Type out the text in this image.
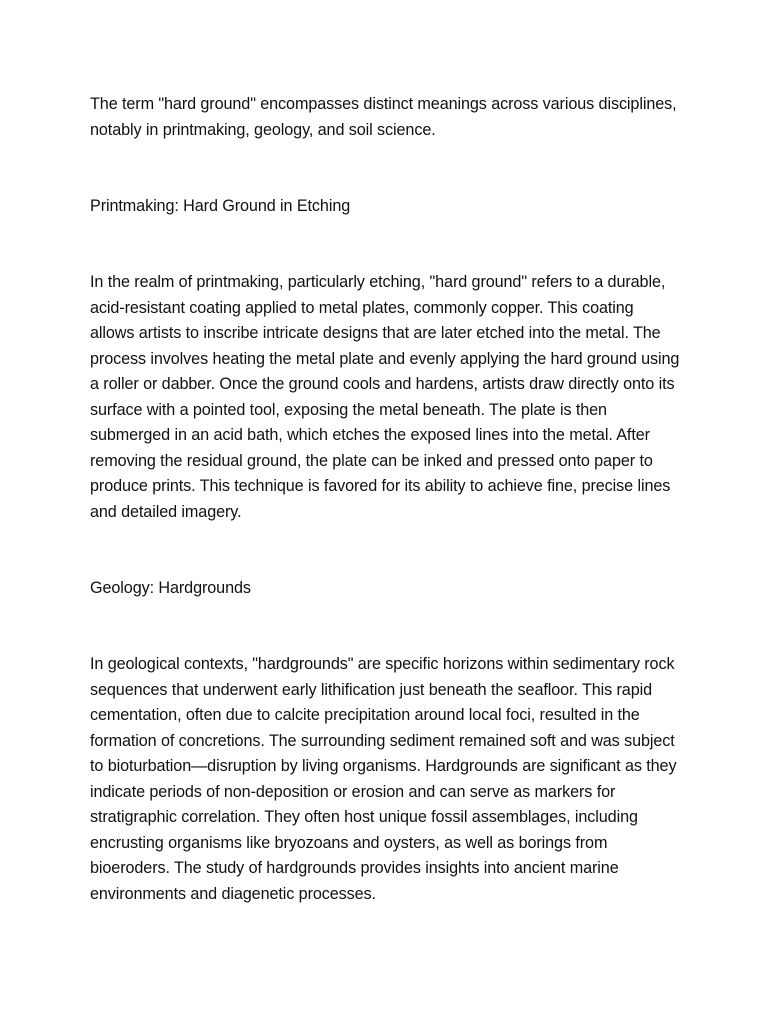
The term "hard ground" encompasses distinct meanings across various disciplines, notably in printmaking, geology, and soil science.

Printmaking: Hard Ground in Etching

In the realm of printmaking, particularly etching, "hard ground" refers to a durable, acid-resistant coating applied to metal plates, commonly copper. This coating allows artists to inscribe intricate designs that are later etched into the metal. The process involves heating the metal plate and evenly applying the hard ground using a roller or dabber. Once the ground cools and hardens, artists draw directly onto its surface with a pointed tool, exposing the metal beneath. The plate is then submerged in an acid bath, which etches the exposed lines into the metal. After removing the residual ground, the plate can be inked and pressed onto paper to produce prints. This technique is favored for its ability to achieve fine, precise lines and detailed imagery.

Geology: Hardgrounds

In geological contexts, "hardgrounds" are specific horizons within sedimentary rock sequences that underwent early lithification just beneath the seafloor. This rapid cementation, often due to calcite precipitation around local foci, resulted in the formation of concretions. The surrounding sediment remained soft and was subject to bioturbation—disruption by living organisms. Hardgrounds are significant as they indicate periods of non-deposition or erosion and can serve as markers for stratigraphic correlation. They often host unique fossil assemblages, including encrusting organisms like bryozoans and oysters, as well as borings from bioeroders. The study of hardgrounds provides insights into ancient marine environments and diagenetic processes.
